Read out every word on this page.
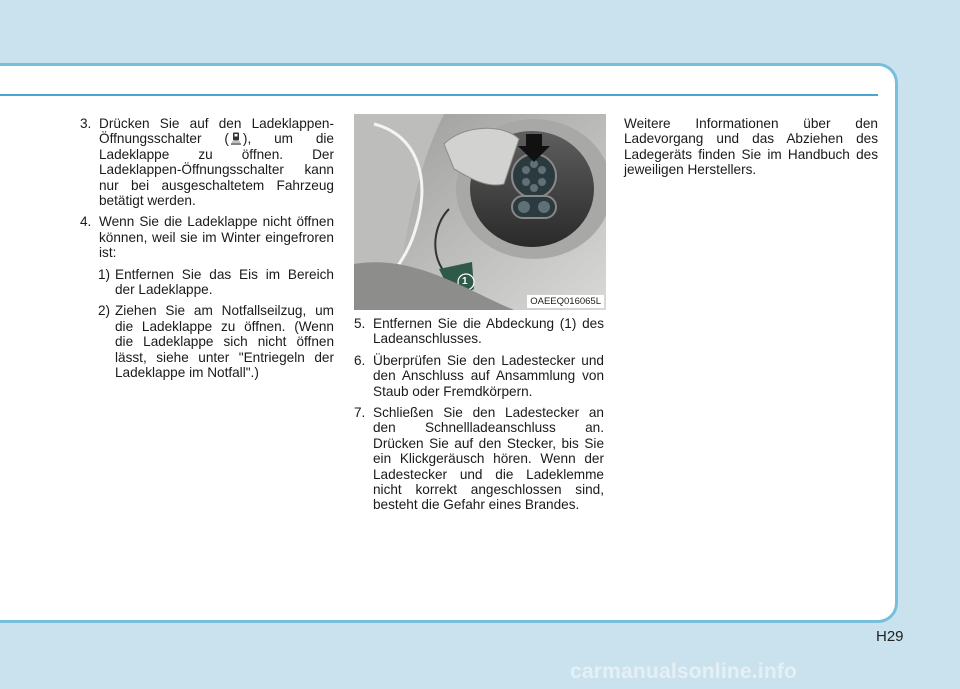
3. Drücken Sie auf den Ladeklappen-Öffnungsschalter ( ), um die Ladeklappe zu öffnen. Der Ladeklappen-Öffnungsschalter kann nur bei ausgeschaltetem Fahrzeug betätigt werden.
4. Wenn Sie die Ladeklappe nicht öffnen können, weil sie im Winter eingefroren ist:
1) Entfernen Sie das Eis im Bereich der Ladeklappe.
2) Ziehen Sie am Notfallseilzug, um die Ladeklappe zu öffnen. (Wenn die Ladeklappe sich nicht öffnen lässt, siehe unter "Entriegeln der Ladeklappe im Notfall".)
1
OAEEQ016065L
5. Entfernen Sie die Abdeckung (1) des Ladeanschlusses.
6. Überprüfen Sie den Ladestecker und den Anschluss auf Ansammlung von Staub oder Fremdkörpern.
7. Schließen Sie den Ladestecker an den Schnellladeanschluss an. Drücken Sie auf den Stecker, bis Sie ein Klickgeräusch hören. Wenn der Ladestecker und die Ladeklemme nicht korrekt angeschlossen sind, besteht die Gefahr eines Brandes.

Weitere Informationen über den Ladevorgang und das Abziehen des Ladegeräts finden Sie im Handbuch des jeweiligen Herstellers.

H29
carmanualsonline.info
